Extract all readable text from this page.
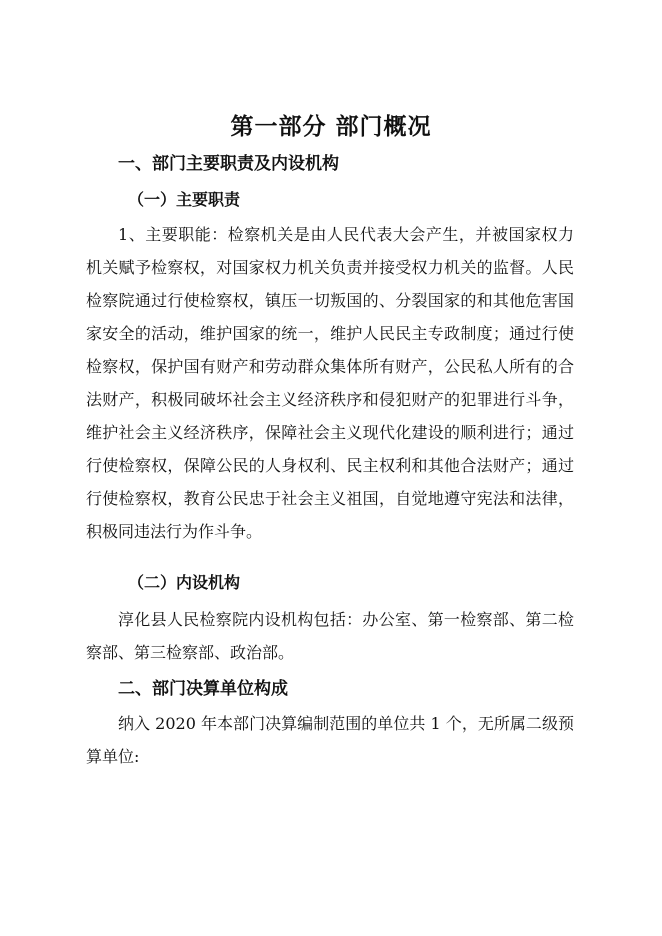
第一部分 部门概况
一、部门主要职责及内设机构
（一）主要职责

1、主要职能：检察机关是由人民代表大会产生，并被国家权力机关赋予检察权，对国家权力机关负责并接受权力机关的监督。人民检察院通过行使检察权，镇压一切叛国的、分裂国家的和其他危害国家安全的活动，维护国家的统一，维护人民民主专政制度；通过行使检察权，保护国有财产和劳动群众集体所有财产，公民私人所有的合法财产，积极同破坏社会主义经济秩序和侵犯财产的犯罪进行斗争，维护社会主义经济秩序，保障社会主义现代化建设的顺利进行；通过行使检察权，保障公民的人身权利、民主权利和其他合法财产；通过行使检察权，教育公民忠于社会主义祖国，自觉地遵守宪法和法律，积极同违法行为作斗争。

（二）内设机构

淳化县人民检察院内设机构包括：办公室、第一检察部、第二检察部、第三检察部、政治部。

二、部门决算单位构成

纳入 2020 年本部门决算编制范围的单位共 1 个，无所属二级预算单位:
